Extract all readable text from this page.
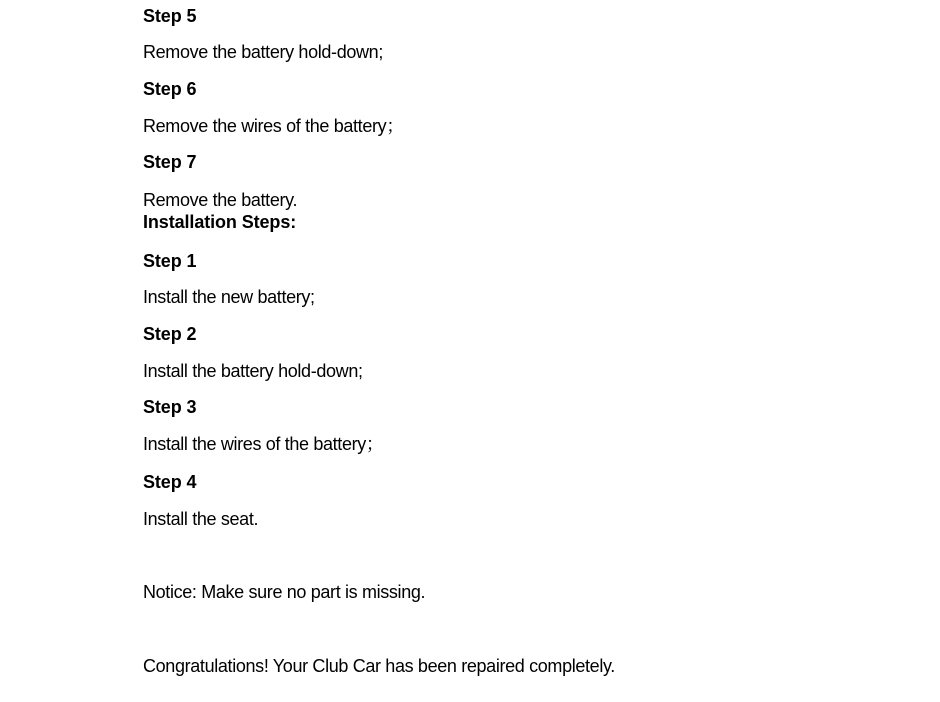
Step 5
Remove the battery hold-down;
Step 6
Remove the wires of the battery；
Step 7
Remove the battery.
Installation Steps:
Step 1
Install the new battery;
Step 2
Install the battery hold-down;
Step 3
Install the wires of the battery；
Step 4
Install the seat.
Notice: Make sure no part is missing.
Congratulations! Your Club Car has been repaired completely.
